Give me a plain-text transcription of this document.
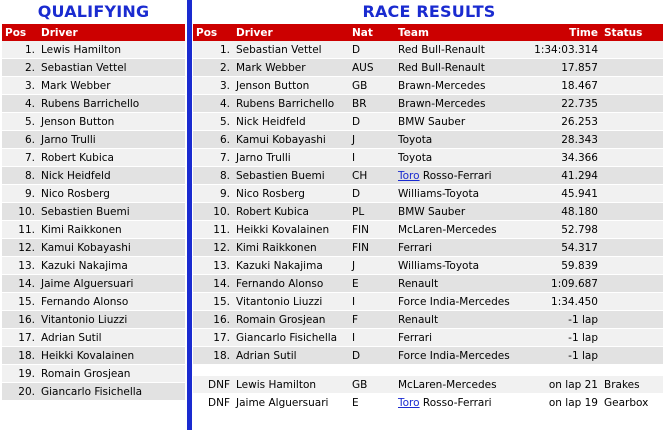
QUALIFYING	RACE RESULTS
Pos	Driver
1.	Lewis Hamilton
2.	Sebastian Vettel
3.	Mark Webber
4.	Rubens Barrichello
5.	Jenson Button
6.	Jarno Trulli
7.	Robert Kubica
8.	Nick Heidfeld
9.	Nico Rosberg
10.	Sebastien Buemi
11.	Kimi Raikkonen
12.	Kamui Kobayashi
13.	Kazuki Nakajima
14.	Jaime Alguersuari
15.	Fernando Alonso
16.	Vitantonio Liuzzi
17.	Adrian Sutil
18.	Heikki Kovalainen
19.	Romain Grosjean
20.	Giancarlo Fisichella
Pos	Driver	Nat	Team	Time	Status
1.	Sebastian Vettel	D	Red Bull-Renault	1:34:03.314	
2.	Mark Webber	AUS	Red Bull-Renault	17.857	
3.	Jenson Button	GB	Brawn-Mercedes	18.467	
4.	Rubens Barrichello	BR	Brawn-Mercedes	22.735	
5.	Nick Heidfeld	D	BMW Sauber	26.253	
6.	Kamui Kobayashi	J	Toyota	28.343	
7.	Jarno Trulli	I	Toyota	34.366	
8.	Sebastien Buemi	CH	Toro Rosso-Ferrari	41.294	
9.	Nico Rosberg	D	Williams-Toyota	45.941	
10.	Robert Kubica	PL	BMW Sauber	48.180	
11.	Heikki Kovalainen	FIN	McLaren-Mercedes	52.798	
12.	Kimi Raikkonen	FIN	Ferrari	54.317	
13.	Kazuki Nakajima	J	Williams-Toyota	59.839	
14.	Fernando Alonso	E	Renault	1:09.687	
15.	Vitantonio Liuzzi	I	Force India-Mercedes	1:34.450	
16.	Romain Grosjean	F	Renault	-1 lap	
17.	Giancarlo Fisichella	I	Ferrari	-1 lap	
18.	Adrian Sutil	D	Force India-Mercedes	-1 lap	

DNF	Lewis Hamilton	GB	McLaren-Mercedes	on lap 21	Brakes
DNF	Jaime Alguersuari	E	Toro Rosso-Ferrari	on lap 19	Gearbox
